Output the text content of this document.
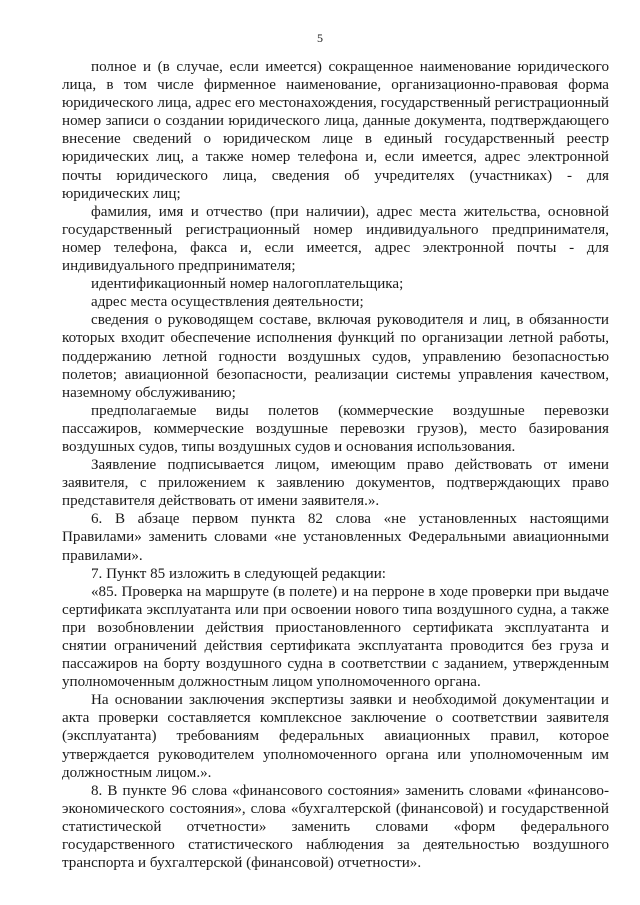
5

полное и (в случае, если имеется) сокращенное наименование юридического лица, в том числе фирменное наименование, организационно-правовая форма юридического лица, адрес его местонахождения, государственный регистрационный номер записи о создании юридического лица, данные документа, подтверждающего внесение сведений о юридическом лице в единый государственный реестр юридических лиц, а также номер телефона и, если имеется, адрес электронной почты юридического лица, сведения об учредителях (участниках) - для юридических лиц;

фамилия, имя и отчество (при наличии), адрес места жительства, основной государственный регистрационный номер индивидуального предпринимателя, номер телефона, факса и, если имеется, адрес электронной почты - для индивидуального предпринимателя;

идентификационный номер налогоплательщика;

адрес места осуществления деятельности;

сведения о руководящем составе, включая руководителя и лиц, в обязанности которых входит обеспечение исполнения функций по организации летной работы, поддержанию летной годности воздушных судов, управлению безопасностью полетов; авиационной безопасности, реализации системы управления качеством, наземному обслуживанию;

предполагаемые виды полетов (коммерческие воздушные перевозки пассажиров, коммерческие воздушные перевозки грузов), место базирования воздушных судов, типы воздушных судов и основания использования.

Заявление подписывается лицом, имеющим право действовать от имени заявителя, с приложением к заявлению документов, подтверждающих право представителя действовать от имени заявителя.».

6. В абзаце первом пункта 82 слова «не установленных настоящими Правилами» заменить словами «не установленных Федеральными авиационными правилами».

7. Пункт 85 изложить в следующей редакции:

«85. Проверка на маршруте (в полете) и на перроне в ходе проверки при выдаче сертификата эксплуатанта или при освоении нового типа воздушного судна, а также при возобновлении действия приостановленного сертификата эксплуатанта и снятии ограничений действия сертификата эксплуатанта проводится без груза и пассажиров на борту воздушного судна в соответствии с заданием, утвержденным уполномоченным должностным лицом уполномоченного органа.

На основании заключения экспертизы заявки и необходимой документации и акта проверки составляется комплексное заключение о соответствии заявителя (эксплуатанта) требованиям федеральных авиационных правил, которое утверждается руководителем уполномоченного органа или уполномоченным им должностным лицом.».

8. В пункте 96 слова «финансового состояния» заменить словами «финансово-экономического состояния», слова «бухгалтерской (финансовой) и государственной статистической отчетности» заменить словами «форм федерального государственного статистического наблюдения за деятельностью воздушного транспорта и бухгалтерской (финансовой) отчетности».
